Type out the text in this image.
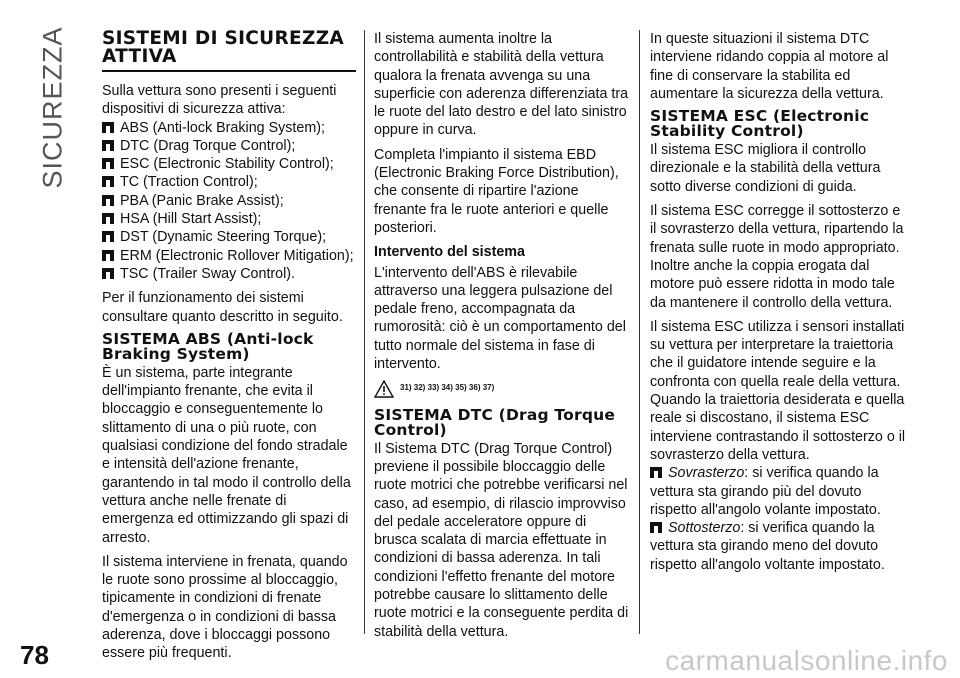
SICUREZZA SISTEMI DI SICUREZZA ATTIVA

Sulla vettura sono presenti i seguenti dispositivi di sicurezza attiva:

ABS (Anti-lock Braking System);
DTC (Drag Torque Control);
ESC (Electronic Stability Control);
TC (Traction Control);
PBA (Panic Brake Assist);
HSA (Hill Start Assist);
DST (Dynamic Steering Torque);
ERM (Electronic Rollover Mitigation);
TSC (Trailer Sway Control).

Per il funzionamento dei sistemi consultare quanto descritto in seguito.

SISTEMA ABS (Anti-lock Braking System)

È un sistema, parte integrante dell'impianto frenante, che evita il bloccaggio e conseguentemente lo slittamento di una o più ruote, con qualsiasi condizione del fondo stradale e intensità dell'azione frenante, garantendo in tal modo il controllo della vettura anche nelle frenate di emergenza ed ottimizzando gli spazi di arresto.

Il sistema interviene in frenata, quando le ruote sono prossime al bloccaggio, tipicamente in condizioni di frenate d'emergenza o in condizioni di bassa aderenza, dove i bloccaggi possono essere più frequenti.

Il sistema aumenta inoltre la controllabilità e stabilità della vettura qualora la frenata avvenga su una superficie con aderenza differenziata tra le ruote del lato destro e del lato sinistro oppure in curva.

Completa l'impianto il sistema EBD (Electronic Braking Force Distribution), che consente di ripartire l'azione frenante fra le ruote anteriori e quelle posteriori.

Intervento del sistema

L'intervento dell'ABS è rilevabile attraverso una leggera pulsazione del pedale freno, accompagnata da rumorosità: ciò è un comportamento del tutto normale del sistema in fase di intervento.

31) 32) 33) 34) 35) 36) 37)
SISTEMA DTC (Drag Torque Control)

Il Sistema DTC (Drag Torque Control) previene il possibile bloccaggio delle ruote motrici che potrebbe verificarsi nel caso, ad esempio, di rilascio improvviso del pedale acceleratore oppure di brusca scalata di marcia effettuate in condizioni di bassa aderenza. In tali condizioni l'effetto frenante del motore potrebbe causare lo slittamento delle ruote motrici e la conseguente perdita di stabilità della vettura.

In queste situazioni il sistema DTC interviene ridando coppia al motore al fine di conservare la stabilita ed aumentare la sicurezza della vettura.

SISTEMA ESC (Electronic Stability Control)

Il sistema ESC migliora il controllo direzionale e la stabilità della vettura sotto diverse condizioni di guida.

Il sistema ESC corregge il sottosterzo e il sovrasterzo della vettura, ripartendo la frenata sulle ruote in modo appropriato. Inoltre anche la coppia erogata dal motore può essere ridotta in modo tale da mantenere il controllo della vettura.

Il sistema ESC utilizza i sensori installati su vettura per interpretare la traiettoria che il guidatore intende seguire e la confronta con quella reale della vettura. Quando la traiettoria desiderata e quella reale si discostano, il sistema ESC interviene contrastando il sottosterzo o il sovrasterzo della vettura.

Sovrasterzo: si verifica quando la vettura sta girando più del dovuto rispetto all'angolo volante impostato.
Sottosterzo: si verifica quando la vettura sta girando meno del dovuto rispetto all'angolo voltante impostato.
78	carmanualsonline.info
